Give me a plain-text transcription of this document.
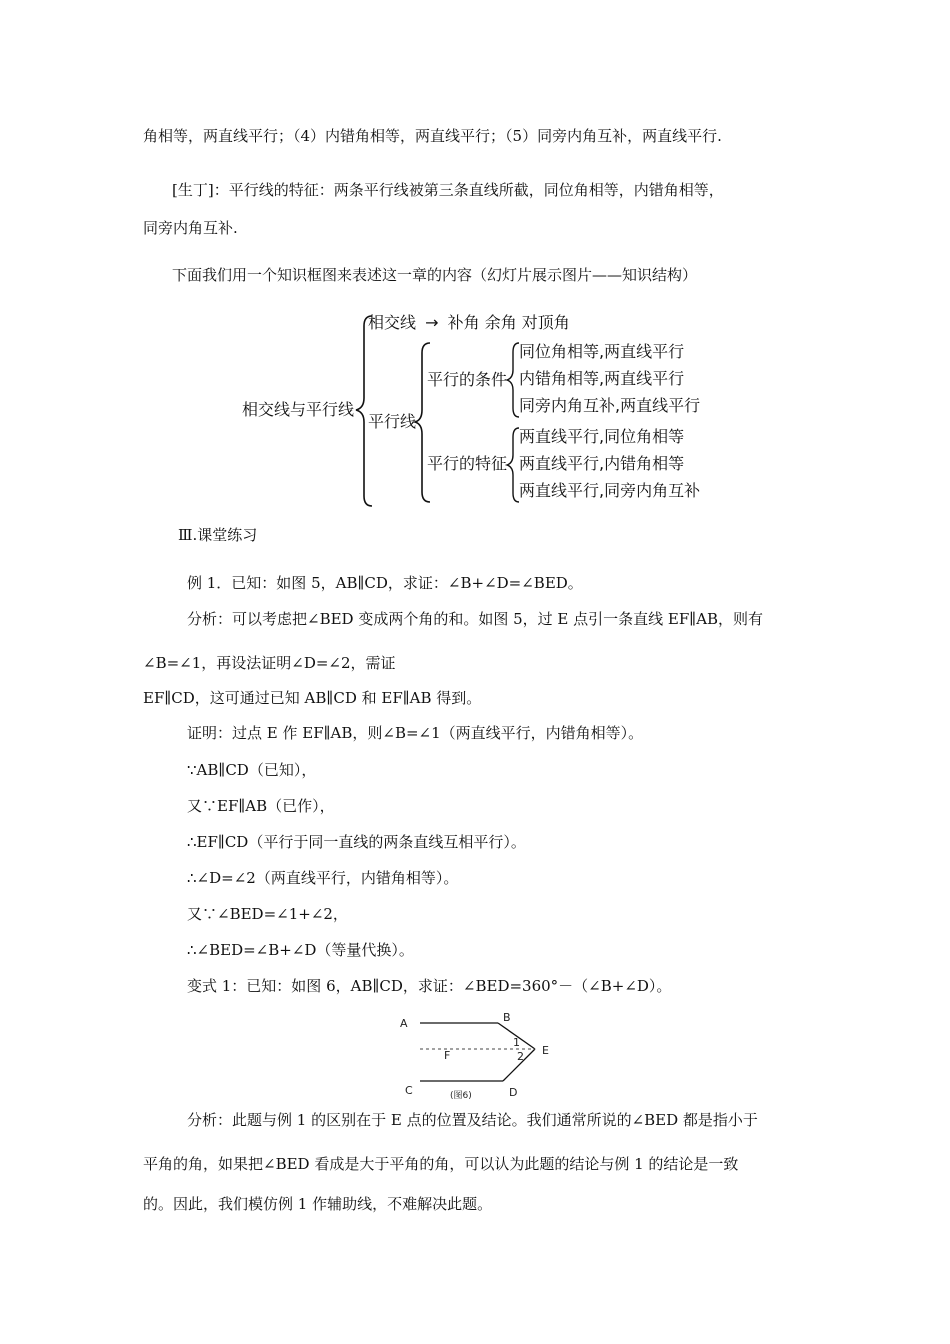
角相等，两直线平行；（4）内错角相等，两直线平行；（5）同旁内角互补，两直线平行.
[生丁]：平行线的特征：两条平行线被第三条直线所截，同位角相等，内错角相等，
同旁内角互补.
下面我们用一个知识框图来表述这一章的内容（幻灯片展示图片——知识结构）
相交线与平行线
相交线 → 补角 余角 对顶角
平行线
平行的条件
同位角相等,两直线平行
内错角相等,两直线平行
同旁内角互补,两直线平行
平行的特征
两直线平行,同位角相等
两直线平行,内错角相等
两直线平行,同旁内角互补
Ⅲ.课堂练习
例 1．已知：如图 5，AB∥CD，求证：∠B+∠D=∠BED。
分析：可以考虑把∠BED 变成两个角的和。如图 5，过 E 点引一条直线 EF∥AB，则有
∠B=∠1，再设法证明∠D=∠2，需证
EF∥CD，这可通过已知 AB∥CD 和 EF∥AB 得到。
证明：过点 E 作 EF∥AB，则∠B=∠1（两直线平行，内错角相等）。
∵AB∥CD（已知），
又∵EF∥AB（已作），
∴EF∥CD（平行于同一直线的两条直线互相平行）。
∴∠D=∠2（两直线平行，内错角相等）。
又∵∠BED=∠1+∠2，
∴∠BED=∠B+∠D（等量代换）。
变式 1：已知：如图 6，AB∥CD，求证：∠BED=360°－（∠B+∠D）。
A	B
E
F
1
2
C	D
(图6)
分析：此题与例 1 的区别在于 E 点的位置及结论。我们通常所说的∠BED 都是指小于
平角的角，如果把∠BED 看成是大于平角的角，可以认为此题的结论与例 1 的结论是一致
的。因此，我们模仿例 1 作辅助线，不难解决此题。
